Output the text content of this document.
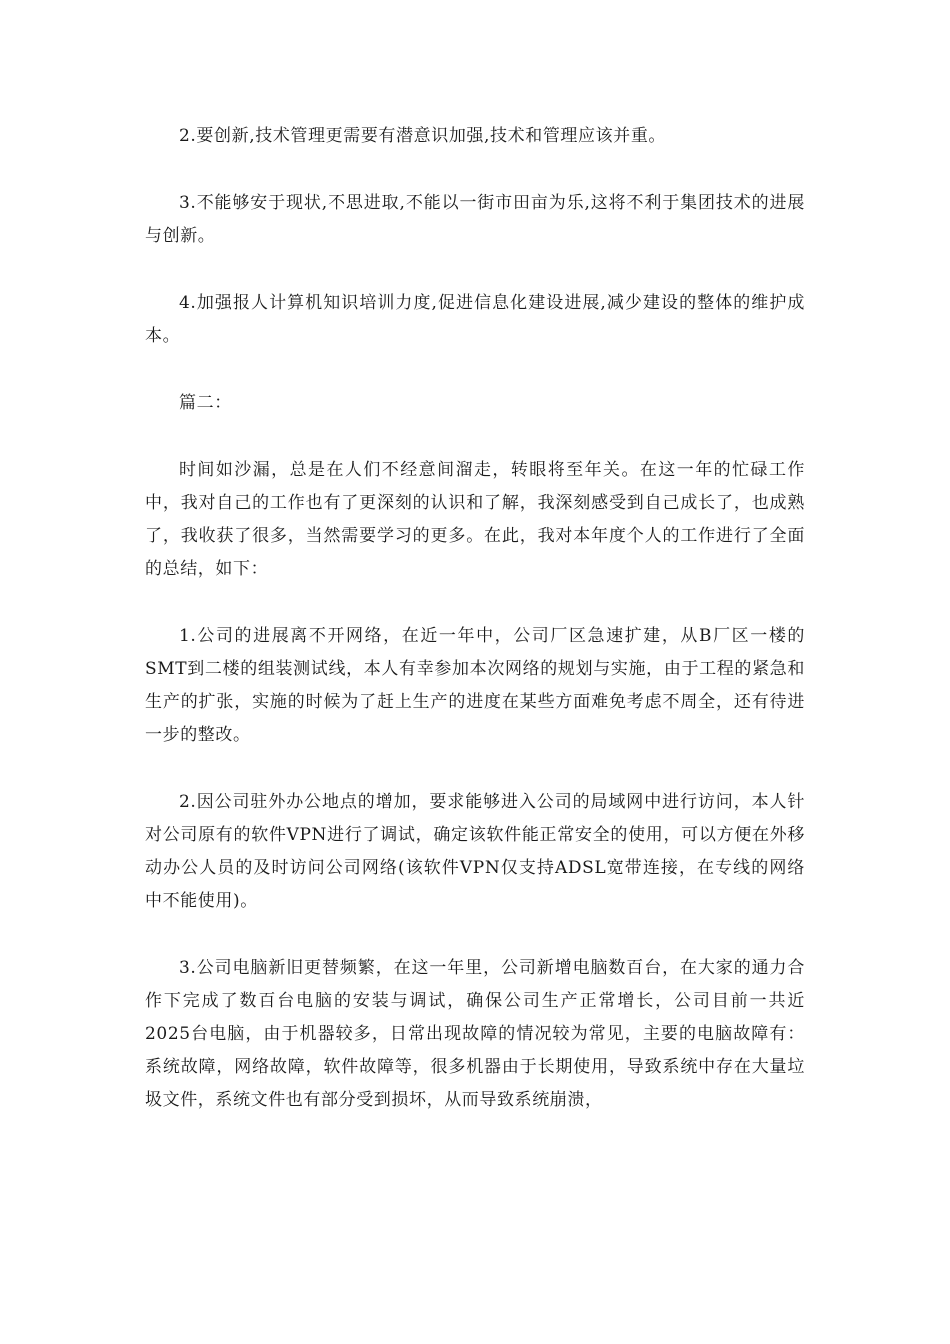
2.要创新,技术管理更需要有潜意识加强,技术和管理应该并重。

3.不能够安于现状,不思进取,不能以一街市田亩为乐,这将不利于集团技术的进展与创新。

4.加强报人计算机知识培训力度,促进信息化建设进展,减少建设的整体的维护成本。

篇二：

时间如沙漏，总是在人们不经意间溜走，转眼将至年关。在这一年的忙碌工作中，我对自己的工作也有了更深刻的认识和了解，我深刻感受到自己成长了，也成熟了，我收获了很多，当然需要学习的更多。在此，我对本年度个人的工作进行了全面的总结，如下：

1.公司的进展离不开网络，在近一年中，公司厂区急速扩建，从B厂区一楼的SMT到二楼的组装测试线，本人有幸参加本次网络的规划与实施，由于工程的紧急和生产的扩张，实施的时候为了赶上生产的进度在某些方面难免考虑不周全，还有待进一步的整改。

2.因公司驻外办公地点的增加，要求能够进入公司的局域网中进行访问，本人针对公司原有的软件VPN进行了调试，确定该软件能正常安全的使用，可以方便在外移动办公人员的及时访问公司网络(该软件VPN仅支持ADSL宽带连接，在专线的网络中不能使用)。

3.公司电脑新旧更替频繁，在这一年里，公司新增电脑数百台，在大家的通力合作下完成了数百台电脑的安装与调试，确保公司生产正常增长，公司目前一共近2025台电脑，由于机器较多，日常出现故障的情况较为常见，主要的电脑故障有：系统故障，网络故障，软件故障等，很多机器由于长期使用，导致系统中存在大量垃圾文件，系统文件也有部分受到损坏，从而导致系统崩溃，
